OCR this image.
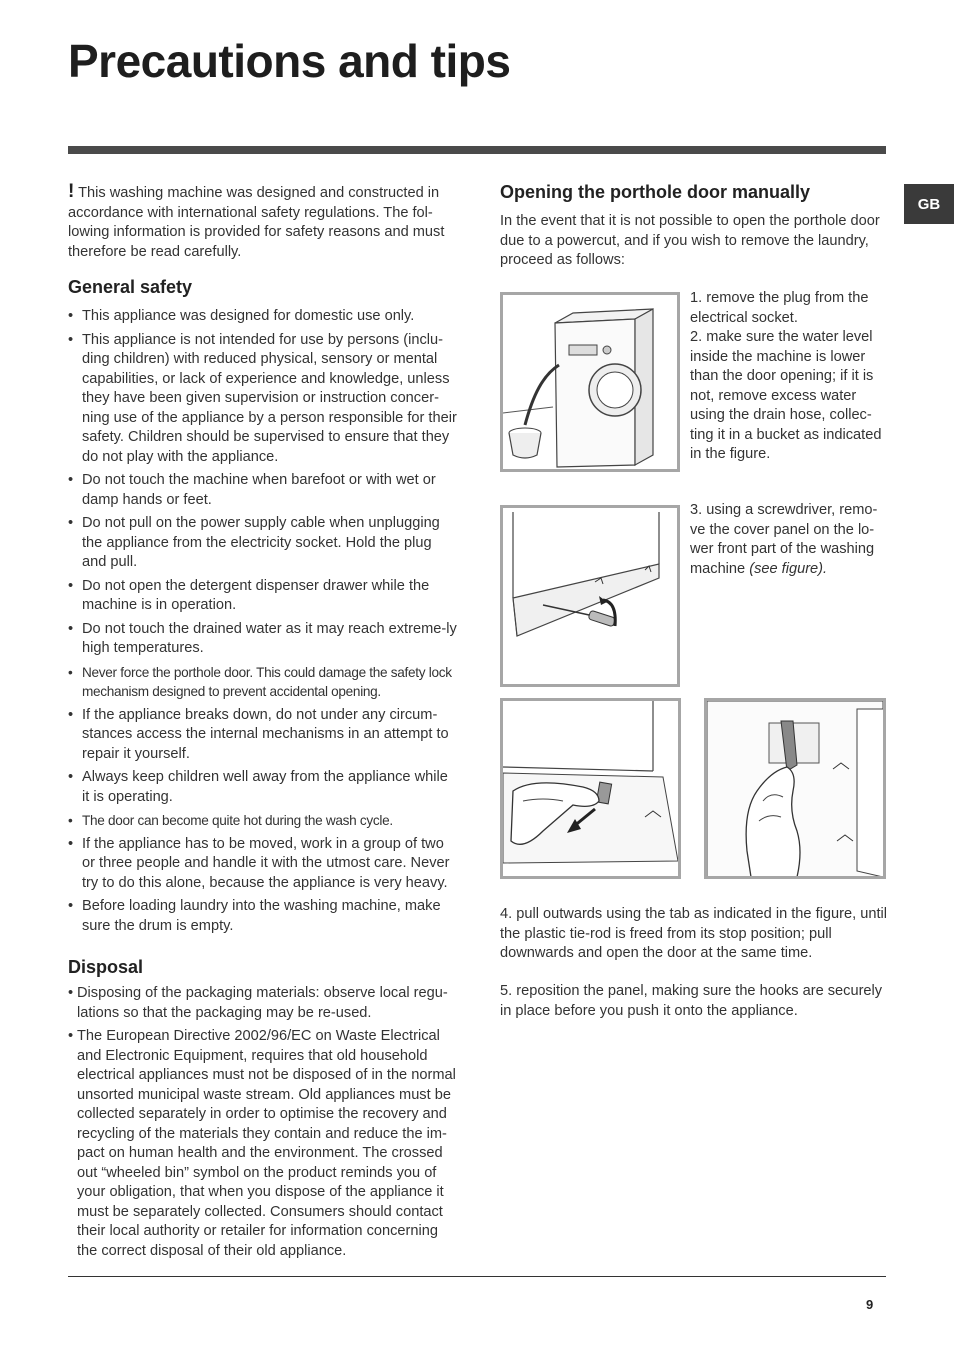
Precautions and tips
GB

! This washing machine was designed and constructed in accordance with international safety regulations. The fol-lowing information is provided for safety reasons and must therefore be read carefully.

General safety
• This appliance was designed for domestic use only.
• This appliance is not intended for use by persons (inclu-ding children) with reduced physical, sensory or mental capabilities, or lack of experience and knowledge, unless they have been given supervision or instruction concer-ning use of the appliance by a person responsible for their safety. Children should be supervised to ensure that they do not play with the appliance.
• Do not touch the machine when barefoot or with wet or damp hands or feet.
• Do not pull on the power supply cable when unplugging the appliance from the electricity socket. Hold the plug and pull.
• Do not open the detergent dispenser drawer while the machine is in operation.
• Do not touch the drained water as it may reach extreme-ly high temperatures.
• Never force the porthole door. This could damage the safety lock mechanism designed to prevent accidental opening.
• If the appliance breaks down, do not under any circum-stances access the internal mechanisms in an attempt to repair it yourself.
• Always keep children well away from the appliance while it is operating.
• The door can become quite hot during the wash cycle.
• If the appliance has to be moved, work in a group of two or three people and handle it with the utmost care. Never try to do this alone, because the appliance is very heavy.
• Before loading laundry into the washing machine, make sure the drum is empty.
Disposal
• Disposing of the packaging materials: observe local regu-lations so that the packaging may be re-used.
• The European Directive 2002/96/EC on Waste Electrical and Electronic Equipment, requires that old household electrical appliances must not be disposed of in the normal unsorted municipal waste stream. Old appliances must be collected separately in order to optimise the recovery and recycling of the materials they contain and reduce the im-pact on human health and the environment. The crossed out “wheeled bin” symbol on the product reminds you of your obligation, that when you dispose of the appliance it must be separately collected. Consumers should contact their local authority or retailer for information concerning the correct disposal of their old appliance.
Opening the porthole door manually

In the event that it is not possible to open the porthole door due to a powercut, and if you wish to remove the laundry, proceed as follows:

1. remove the plug from the electrical socket.

2. make sure the water level inside the machine is lower than the door opening; if it is not, remove excess water using the drain hose, collec-ting it in a bucket as indicated in the figure.

3. using a screwdriver, remo-ve the cover panel on the lo-wer front part of the washing machine (see figure).

4. pull outwards using the tab as indicated in the figure, until the plastic tie-rod is freed from its stop position; pull downwards and open the door at the same time.

5. reposition the panel, making sure the hooks are securely in place before you push it onto the appliance.

9
